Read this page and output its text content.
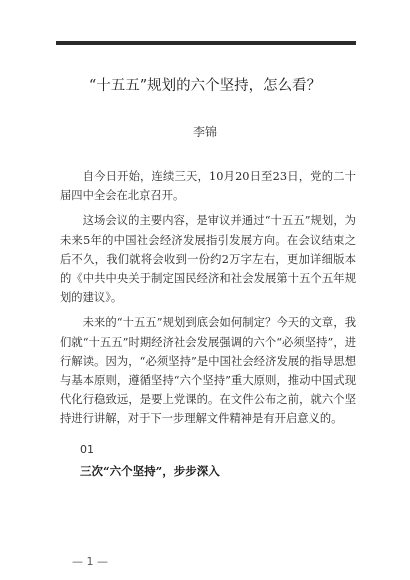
“十五五”规划的六个坚持，怎么看？
李锦

自今日开始，连续三天，10月20日至23日，党的二十届四中全会在北京召开。

这场会议的主要内容，是审议并通过“十五五”规划，为未来5年的中国社会经济发展指引发展方向。在会议结束之后不久，我们就将会收到一份约2万字左右，更加详细版本的《中共中央关于制定国民经济和社会发展第十五个五年规划的建议》。

未来的“十五五”规划到底会如何制定？今天的文章，我们就“十五五”时期经济社会发展强调的六个“必须坚持”，进行解读。因为，“必须坚持”是中国社会经济发展的指导思想与基本原则，遵循坚持“六个坚持”重大原则，推动中国式现代化行稳致远，是要上党课的。在文件公布之前，就六个坚持进行讲解，对于下一步理解文件精神是有开启意义的。

01
三次“六个坚持”，步步深入
— 1 —
